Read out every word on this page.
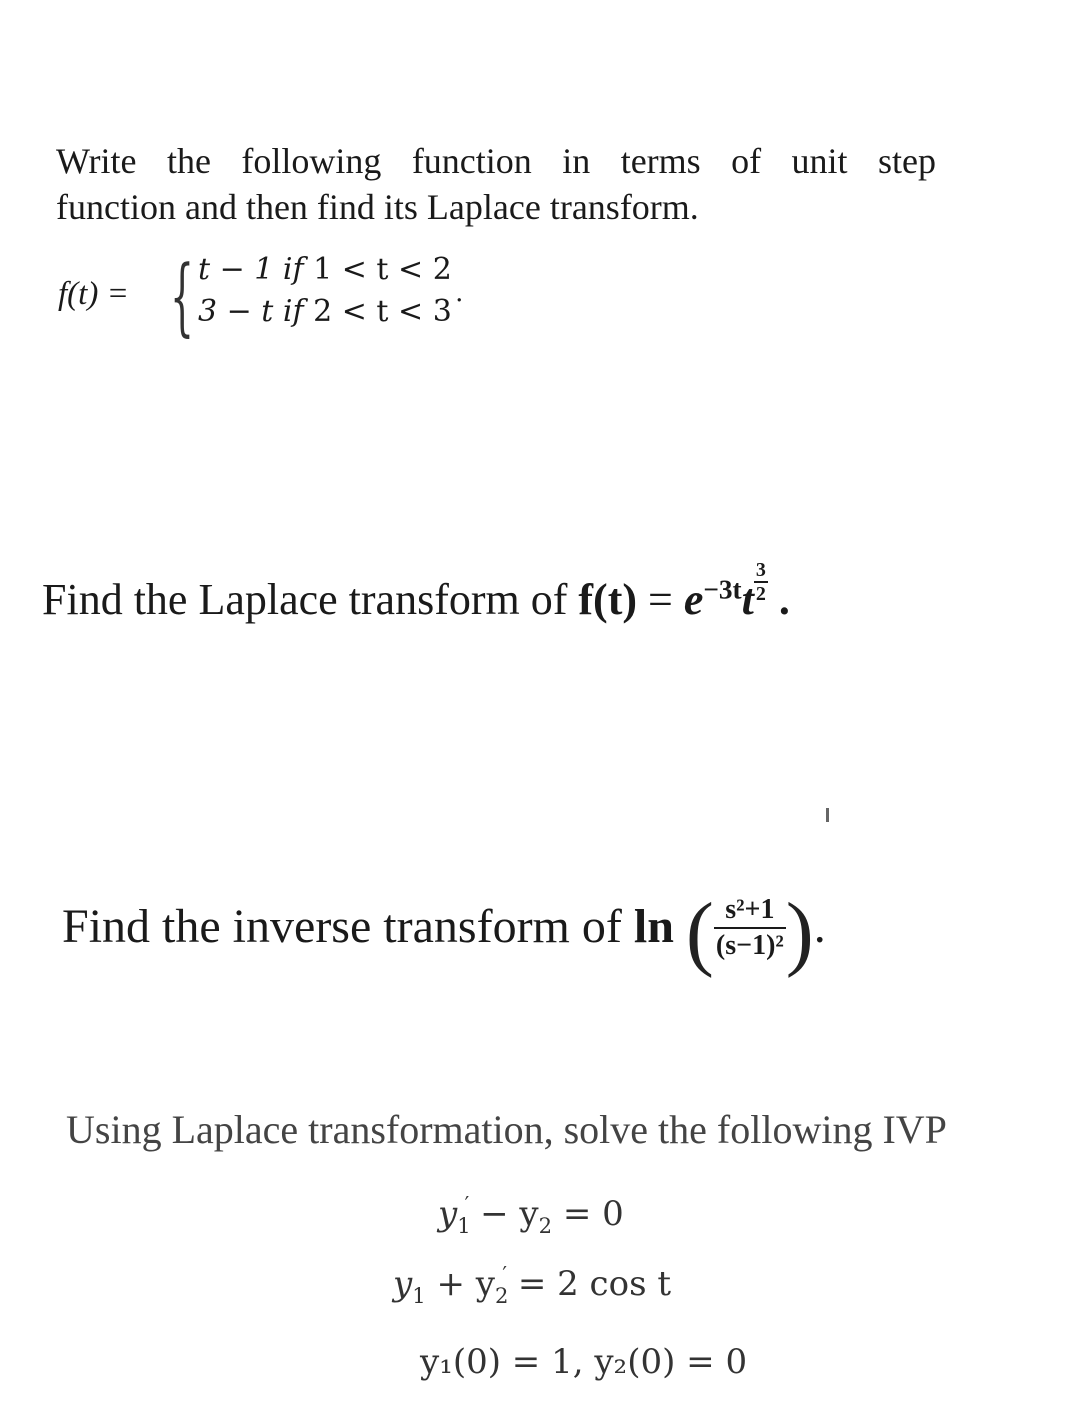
Write the following function in terms of unit step
function and then find its Laplace transform.
f(t) = { t − 1 if 1 < t < 2
3 − t if 2 < t < 3˙
Find the Laplace transform of $f(t) = e^{-3t}t\frac{3}{2}$ .
Find the inverse transform of ln ( $\frac{\text{s²+1}}{\text{(s−1)²}}$ ).
Using Laplace transformation, solve the following IVP
$y_1' - y_2 = 0$
$y_1 + y_2' = 2$ cos t
y₁(0) = 1, y₂(0) = 0
